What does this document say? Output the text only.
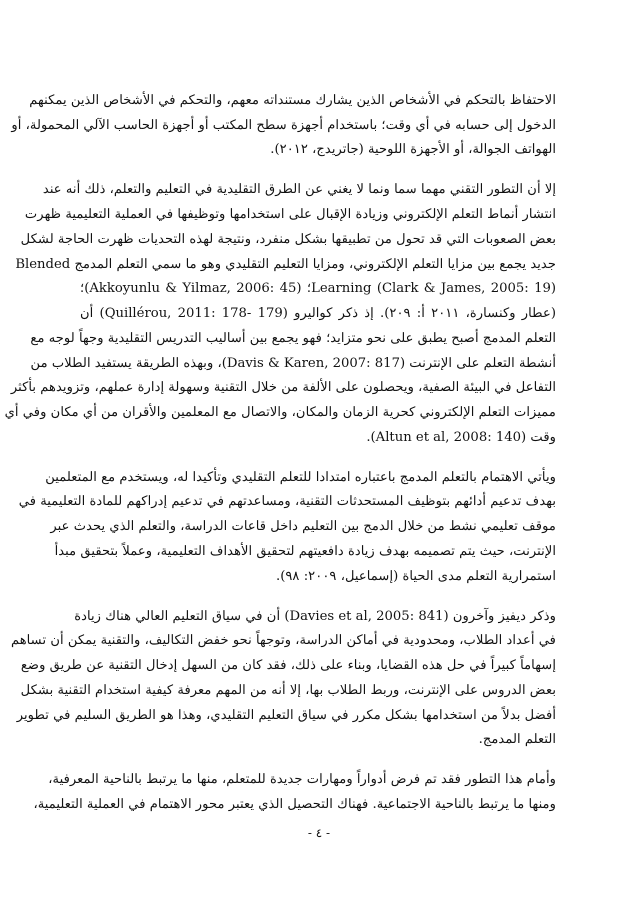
الاحتفاظ بالتحكم في الأشخاص الذين يشارك مستنداته معهم، والتحكم في الأشخاص الذين يمكنهم
الدخول إلى حسابه في أي وقت؛ باستخدام أجهزة سطح المكتب أو أجهزة الحاسب الآلي المحمولة، أو
الهواتف الجوالة، أو الأجهزة اللوحية (جاتريدج، ٢٠١٢).
إلا أن التطور التقني مهما سما ونما لا يغني عن الطرق التقليدية في التعليم والتعلم، ذلك أنه عند
انتشار أنماط التعلم الإلكتروني وزيادة الإقبال على استخدامها وتوظيفها في العملية التعليمية ظهرت
بعض الصعوبات التي قد تحول من تطبيقها بشكل منفرد، ونتيجة لهذه التحديات ظهرت الحاجة لشكل
جديد يجمع بين مزايا التعلم الإلكتروني، ومزايا التعليم التقليدي وهو ما سمي التعلم المدمج Blended
Learning (Clark & James, 2005: 19)؛ (Akkoyunlu & Yilmaz, 2006: 45)؛
(عطار وكنسارة، ٢٠١١ أ: ٢٠٩). إذ ذكر كواليرو (Quillérou, 2011: 178- 179) أن
التعلم المدمج أصبح يطبق على نحو متزايد؛ فهو يجمع بين أساليب التدريس التقليدية وجهاً لوجه مع
أنشطة التعلم على الإنترنت (Davis & Karen, 2007: 817)، وبهذه الطريقة يستفيد الطلاب من
التفاعل في البيئة الصفية، ويحصلون على الألفة من خلال التقنية وسهولة إدارة عملهم، وتزويدهم بأكثر
مميزات التعلم الإلكتروني كحرية الزمان والمكان، والاتصال مع المعلمين والأقران من أي مكان وفي أي
وقت (Altun et al, 2008: 140).
ويأتي الاهتمام بالتعلم المدمج باعتباره امتدادا للتعلم التقليدي وتأكيدا له، ويستخدم مع المتعلمين
بهدف تدعيم أدائهم بتوظيف المستحدثات التقنية، ومساعدتهم في تدعيم إدراكهم للمادة التعليمية في
موقف تعليمي نشط من خلال الدمج بين التعليم داخل قاعات الدراسة، والتعلم الذي يحدث عبر
الإنترنت، حيث يتم تصميمه بهدف زيادة دافعيتهم لتحقيق الأهداف التعليمية، وعملاً بتحقيق مبدأ
استمرارية التعلم مدى الحياة (إسماعيل، ٢٠٠٩: ٩٨).
وذكر ديفيز وآخرون (Davies et al, 2005: 841) أن في سياق التعليم العالي هناك زيادة
في أعداد الطلاب، ومحدودية في أماكن الدراسة، وتوجهاً نحو خفض التكاليف، والتقنية يمكن أن تساهم
إسهاماً كبيراً في حل هذه القضايا، وبناء على ذلك، فقد كان من السهل إدخال التقنية عن طريق وضع
بعض الدروس على الإنترنت، وربط الطلاب بها، إلا أنه من المهم معرفة كيفية استخدام التقنية بشكل
أفضل بدلاً من استخدامها بشكل مكرر في سياق التعليم التقليدي، وهذا هو الطريق السليم في تطوير
التعلم المدمج.
وأمام هذا التطور فقد تم فرض أدواراً ومهارات جديدة للمتعلم، منها ما يرتبط بالناحية المعرفية،
ومنها ما يرتبط بالناحية الاجتماعية. فهناك التحصيل الذي يعتبر محور الاهتمام في العملية التعليمية،
- ٤ -
